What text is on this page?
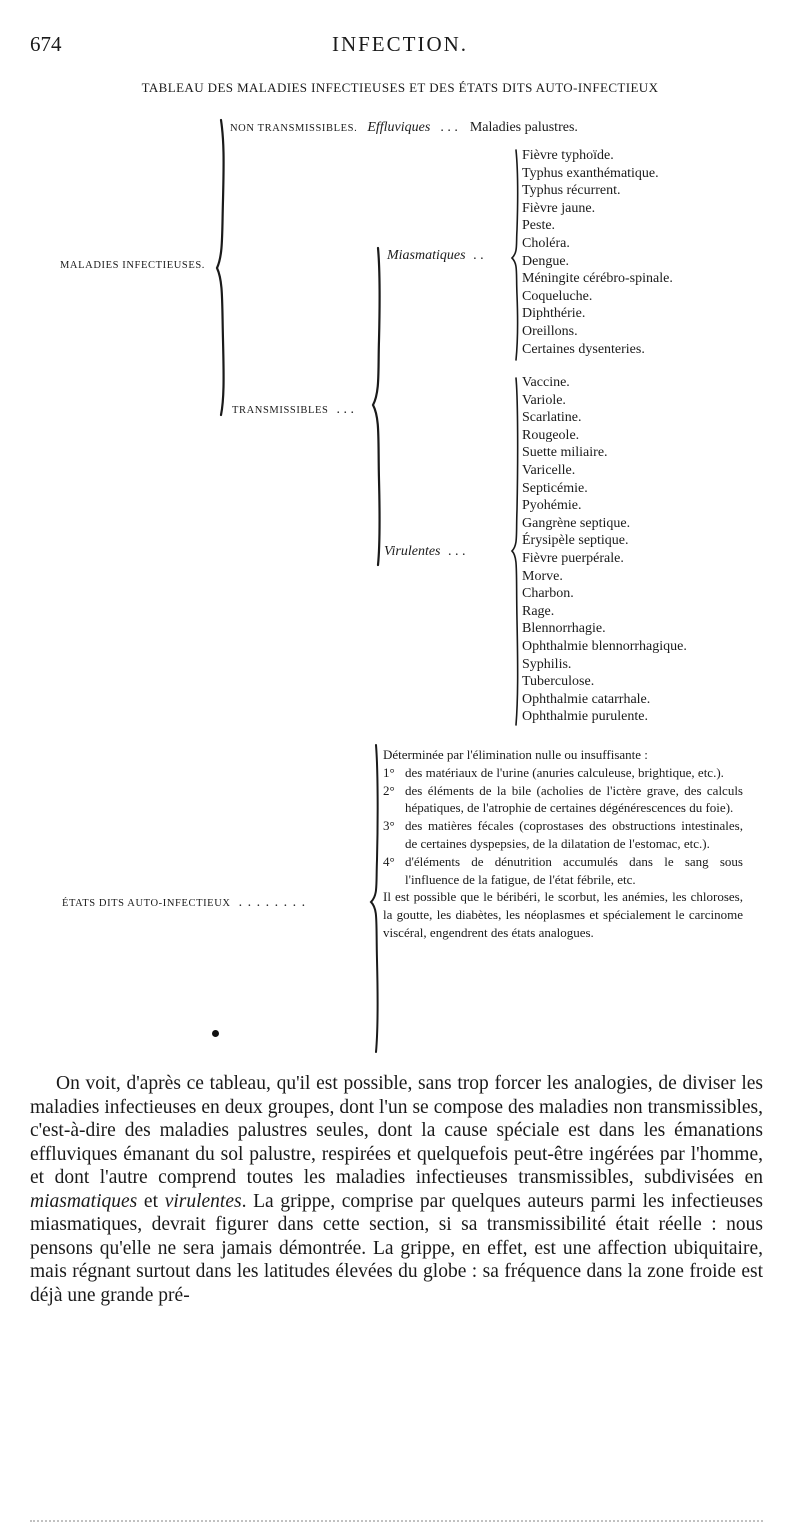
674	INFECTION.
TABLEAU DES MALADIES INFECTIEUSES ET DES ÉTATS DITS AUTO-INFECTIEUX
MALADIES INFECTIEUSES.
NON TRANSMISSIBLES. Effluviques . . . Maladies palustres.
TRANSMISSIBLES . . .
Miasmatiques . .
Virulentes . . .
Fièvre typhoïde.
Typhus exanthématique.
Typhus récurrent.
Fièvre jaune.
Peste.
Choléra.
Dengue.
Méningite cérébro-spinale.
Coqueluche.
Diphthérie.
Oreillons.
Certaines dysenteries.
Vaccine.
Variole.
Scarlatine.
Rougeole.
Suette miliaire.
Varicelle.
Septicémie.
Pyohémie.
Gangrène septique.
Érysipèle septique.
Fièvre puerpérale.
Morve.
Charbon.
Rage.
Blennorrhagie.
Ophthalmie blennorrhagique.
Syphilis.
Tuberculose.
Ophthalmie catarrhale.
Ophthalmie purulente.
ÉTATS DITS AUTO-INFECTIEUX . . . . . . . .
Déterminée par l'élimination nulle ou insuffisante :
1° des matériaux de l'urine (anuries calculeuse, brightique, etc.).
2° des éléments de la bile (acholies de l'ictère grave, des calculs hépatiques, de l'atrophie de certaines dégénérescences du foie).
3° des matières fécales (coprostases des obstructions intestinales, de certaines dyspepsies, de la dilatation de l'estomac, etc.).
4° d'éléments de dénutrition accumulés dans le sang sous l'influence de la fatigue, de l'état fébrile, etc.
Il est possible que le béribéri, le scorbut, les anémies, les chloroses, la goutte, les diabètes, les néoplasmes et spécialement le carcinome viscéral, engendrent des états analogues.

On voit, d'après ce tableau, qu'il est possible, sans trop forcer les analogies, de diviser les maladies infectieuses en deux groupes, dont l'un se compose des maladies non transmissibles, c'est-à-dire des maladies palustres seules, dont la cause spéciale est dans les émanations effluviques émanant du sol palustre, respirées et quelquefois peut-être ingérées par l'homme, et dont l'autre comprend toutes les maladies infectieuses transmissibles, subdivisées en miasmatiques et virulentes. La grippe, comprise par quelques auteurs parmi les infectieuses miasmatiques, devrait figurer dans cette section, si sa transmissibilité était réelle : nous pensons qu'elle ne sera jamais démontrée. La grippe, en effet, est une affection ubiquitaire, mais régnant surtout dans les latitudes élevées du globe : sa fréquence dans la zone froide est déjà une grande pré-
